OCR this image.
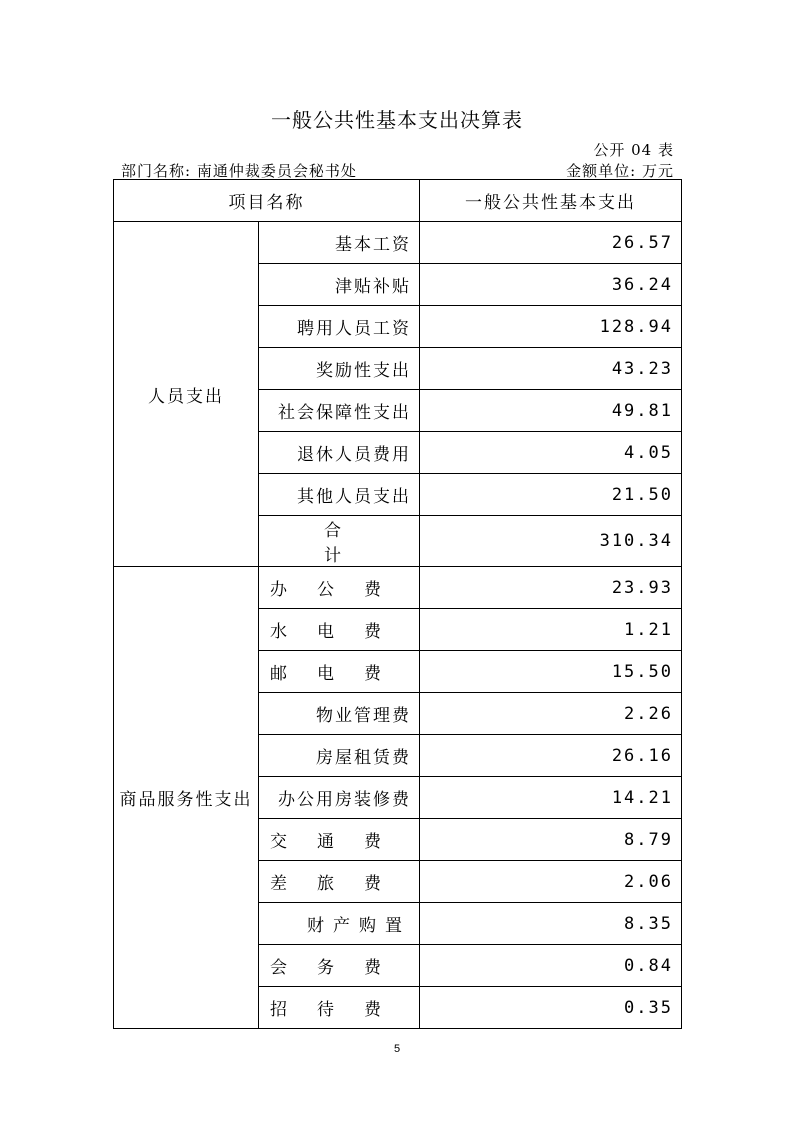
一般公共性基本支出决算表
公开 04 表
部门名称: 南通仲裁委员会秘书处	金额单位: 万元
项目名称		一般公共性基本支出
人员支出	基本工资	26.57
	津贴补贴	36.24
	聘用人员工资	128.94
	奖励性支出	43.23
	社会保障性支出	49.81
	退休人员费用	4.05
	其他人员支出	21.50
	合计	310.34
商品服务性支出	办公费	23.93
	水电费	1.21
	邮电费	15.50
	物业管理费	2.26
	房屋租赁费	26.16
	办公用房装修费	14.21
	交通费	8.79
	差旅费	2.06
	财产购置	8.35
	会务费	0.84
	招待费	0.35
5
